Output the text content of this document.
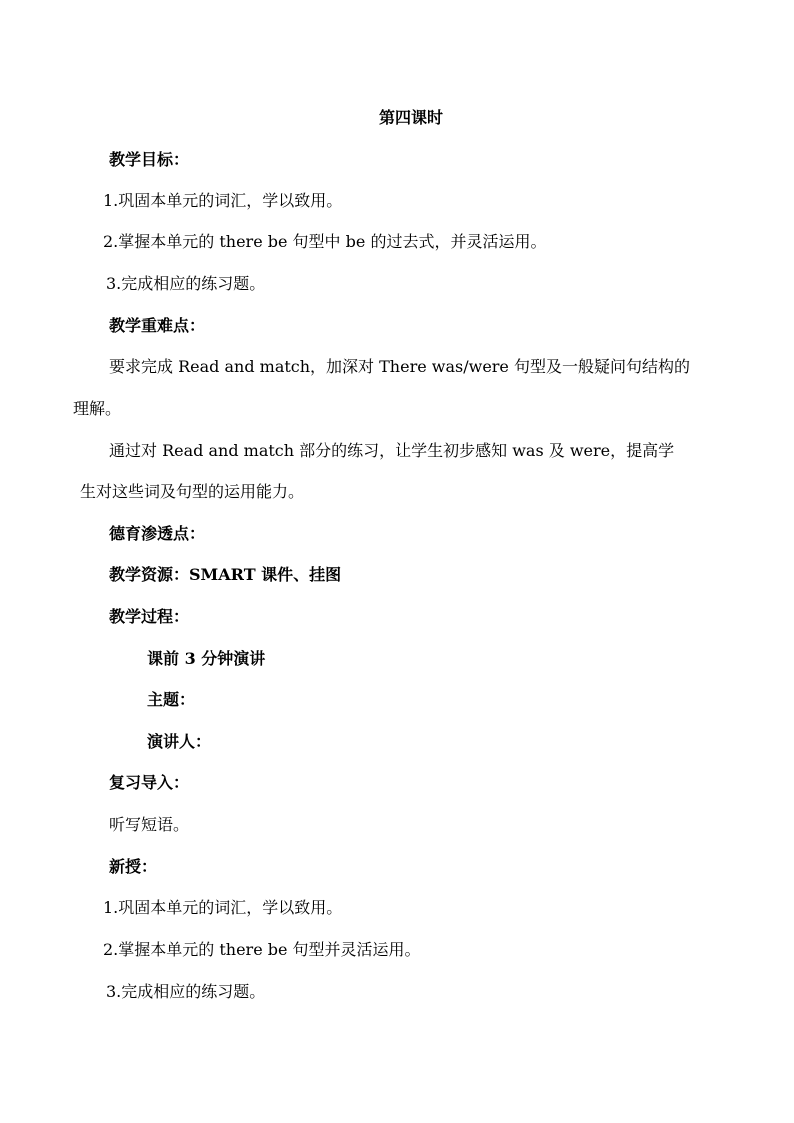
第四课时
教学目标：
1.巩固本单元的词汇，学以致用。
2.掌握本单元的 there be 句型中 be 的过去式，并灵活运用。
3.完成相应的练习题。
教学重难点：
要求完成 Read and match，加深对 There was/were 句型及一般疑问句结构的
理解。
通过对 Read and match 部分的练习，让学生初步感知 was 及 were，提高学
生对这些词及句型的运用能力。
德育渗透点：
教学资源：SMART 课件、挂图
教学过程：
课前 3 分钟演讲
主题：
演讲人：
复习导入：
听写短语。
新授：
1.巩固本单元的词汇，学以致用。
2.掌握本单元的 there be 句型并灵活运用。
3.完成相应的练习题。
